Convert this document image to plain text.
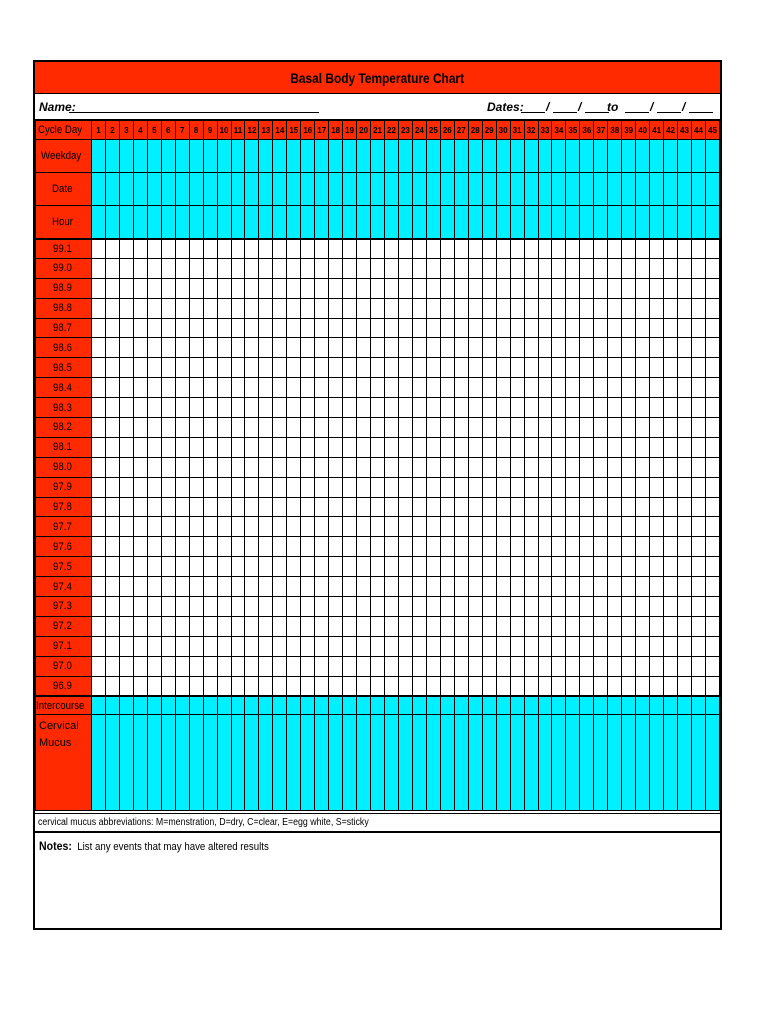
Basal Body Temperature Chart
Name:	Dates: / / to	/ /
Cycle Day	1	2	3	4	5	6	7	8	9	10	11	12	13	14	15	16	17	18	19	20	21	22	23	24	25	26	27	28	29	30	31	32	33	34	35	36	37	38	39	40	41	42	43	44	45
Weekday																																													
Date																																													
Hour																																													
99.1																																													
99.0																																													
98.9																																													
98.8																																													
98.7																																													
98.6																																													
98.5																																													
98.4																																													
98.3																																													
98.2																																													
98.1																																													
98.0																																													
97.9																																													
97.8																																													
97.7																																													
97.6																																													
97.5																																													
97.4																																													
97.3																																													
97.2																																													
97.1																																													
97.0																																													
96.9																																													
Intercourse																																													

Cervical Mucus																																													

cervical mucus abbreviations: M=menstration, D=dry, C=clear, E=egg white, S=sticky
Notes: List any events that may have altered results
